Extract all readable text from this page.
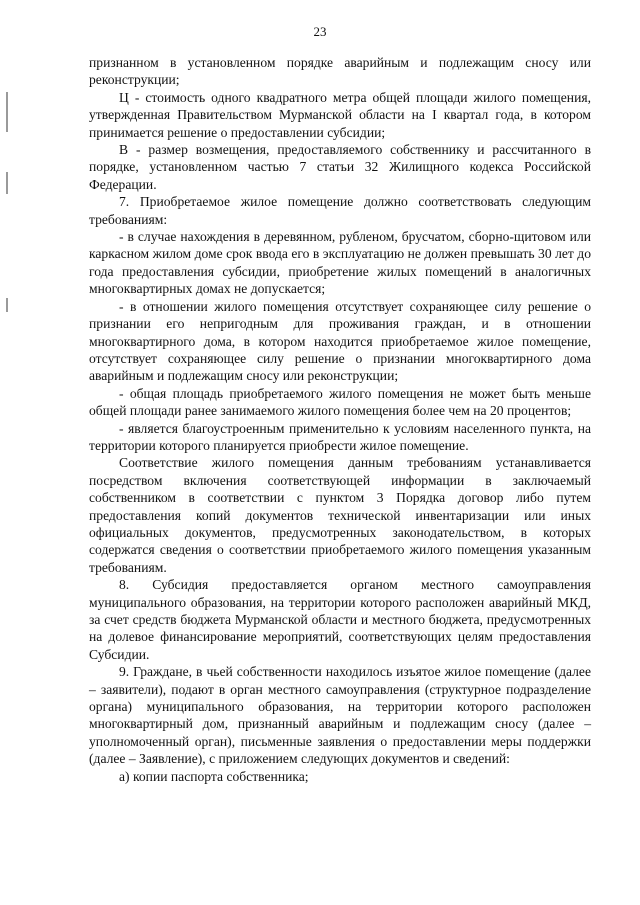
23

признанном в установленном порядке аварийным и подлежащим сносу или реконструкции;

Ц - стоимость одного квадратного метра общей площади жилого помещения, утвержденная Правительством Мурманской области на I квартал года, в котором принимается решение о предоставлении субсидии;

В - размер возмещения, предоставляемого собственнику и рассчитанного в порядке, установленном частью 7 статьи 32 Жилищного кодекса Российской Федерации.

7. Приобретаемое жилое помещение должно соответствовать следующим требованиям:

- в случае нахождения в деревянном, рубленом, брусчатом, сборно-щитовом или каркасном жилом доме срок ввода его в эксплуатацию не должен превышать 30 лет до года предоставления субсидии, приобретение жилых помещений в аналогичных многоквартирных домах не допускается;

- в отношении жилого помещения отсутствует сохраняющее силу решение о признании его непригодным для проживания граждан, и в отношении многоквартирного дома, в котором находится приобретаемое жилое помещение, отсутствует сохраняющее силу решение о признании многоквартирного дома аварийным и подлежащим сносу или реконструкции;

- общая площадь приобретаемого жилого помещения не может быть меньше общей площади ранее занимаемого жилого помещения более чем на 20 процентов;

- является благоустроенным применительно к условиям населенного пункта, на территории которого планируется приобрести жилое помещение.

Соответствие жилого помещения данным требованиям устанавливается посредством включения соответствующей информации в заключаемый собственником в соответствии с пунктом 3 Порядка договор либо путем предоставления копий документов технической инвентаризации или иных официальных документов, предусмотренных законодательством, в которых содержатся сведения о соответствии приобретаемого жилого помещения указанным требованиям.

8. Субсидия предоставляется органом местного самоуправления муниципального образования, на территории которого расположен аварийный МКД, за счет средств бюджета Мурманской области и местного бюджета, предусмотренных на долевое финансирование мероприятий, соответствующих целям предоставления Субсидии.

9. Граждане, в чьей собственности находилось изъятое жилое помещение (далее – заявители), подают в орган местного самоуправления (структурное подразделение органа) муниципального образования, на территории которого расположен многоквартирный дом, признанный аварийным и подлежащим сносу (далее – уполномоченный орган), письменные заявления о предоставлении меры поддержки (далее – Заявление), с приложением следующих документов и сведений:

а) копии паспорта собственника;
